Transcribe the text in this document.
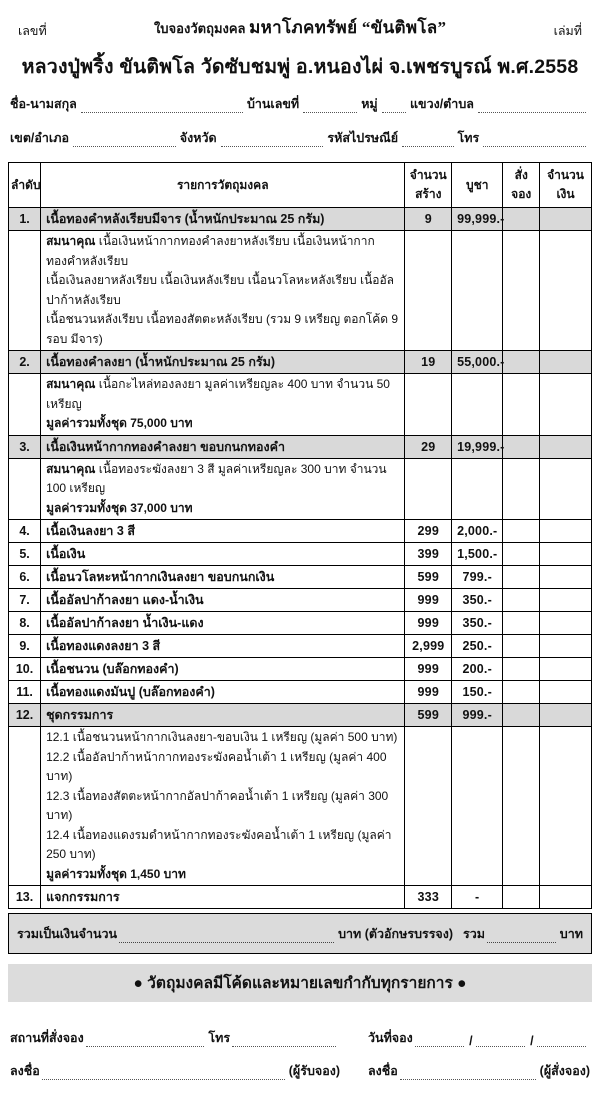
เลขที่	ใบจองวัตถุมงคล มหาโภคทรัพย์ “ขันติพโล”	เล่มที่
หลวงปู่พริ้ง ขันติพโล วัดซับชมพู่ อ.หนองไผ่ จ.เพชรบูรณ์ พ.ศ.2558
ชื่อ-นามสกุล	บ้านเลขที่	หมู่	แขวง/ตำบล
เขต/อำเภอ	จังหวัด	รหัสไปรษณีย์	โทร
ลำดับ	รายการวัตถุมงคล	จำนวนสร้าง	บูชา	สั่งจอง	จำนวนเงิน
1.	เนื้อทองคำหลังเรียบมีจาร (น้ำหนักประมาณ 25 กรัม)	9	99,999.-		

	สมนาคุณ เนื้อเงินหน้ากากทองคำลงยาหลังเรียบ เนื้อเงินหน้ากากทองคำหลังเรียบ
เนื้อเงินลงยาหลังเรียบ เนื้อเงินหลังเรียบ เนื้อนวโลหะหลังเรียบ เนื้ออัลปาก้าหลังเรียบ
เนื้อชนวนหลังเรียบ เนื้อทองสัตตะหลังเรียบ (รวม 9 เหรียญ ตอกโค้ด 9 รอบ มีจาร)				

2.	เนื้อทองคำลงยา (น้ำหนักประมาณ 25 กรัม)	19	55,000.-		

	สมนาคุณ เนื้อกะไหล่ทองลงยา มูลค่าเหรียญละ 400 บาท จำนวน 50 เหรียญ
มูลค่ารวมทั้งชุด 75,000 บาท				

3.	เนื้อเงินหน้ากากทองคำลงยา ขอบกนกทองคำ	29	19,999.-		

	สมนาคุณ เนื้อทองระฆังลงยา 3 สี มูลค่าเหรียญละ 300 บาท จำนวน 100 เหรียญ
มูลค่ารวมทั้งชุด 37,000 บาท				

4.	เนื้อเงินลงยา 3 สี	299	2,000.-		
5.	เนื้อเงิน	399	1,500.-		
6.	เนื้อนวโลหะหน้ากากเงินลงยา ขอบกนกเงิน	599	799.-		
7.	เนื้ออัลปาก้าลงยา แดง-น้ำเงิน	999	350.-		
8.	เนื้ออัลปาก้าลงยา น้ำเงิน-แดง	999	350.-		
9.	เนื้อทองแดงลงยา 3 สี	2,999	250.-		
10.	เนื้อชนวน (บล๊อกทองคำ)	999	200.-		
11.	เนื้อทองแดงมันปู (บล๊อกทองคำ)	999	150.-		
12.	ชุดกรรมการ	599	999.-		

	12.1 เนื้อชนวนหน้ากากเงินลงยา-ขอบเงิน 1 เหรียญ (มูลค่า 500 บาท)
12.2 เนื้ออัลปาก้าหน้ากากทองระฆังคอน้ำเต้า 1 เหรียญ (มูลค่า 400 บาท)
12.3 เนื้อทองสัตตะหน้ากากอัลปาก้าคอน้ำเต้า 1 เหรียญ (มูลค่า 300 บาท)
12.4 เนื้อทองแดงรมดำหน้ากากทองระฆังคอน้ำเต้า 1 เหรียญ (มูลค่า 250 บาท)
มูลค่ารวมทั้งชุด 1,450 บาท				

13.	แจกกรรมการ	333	-		
รวมเป็นเงินจำนวน	บาท (ตัวอักษรบรรจง) รวม	บาท
● วัตถุมงคลมีโค้ดและหมายเลขกำกับทุกรายการ ●
สถานที่สั่งจอง	โทร
ลงชื่อ	(ผู้รับจอง)
วันที่จอง	/	/
ลงชื่อ	(ผู้สั่งจอง)
